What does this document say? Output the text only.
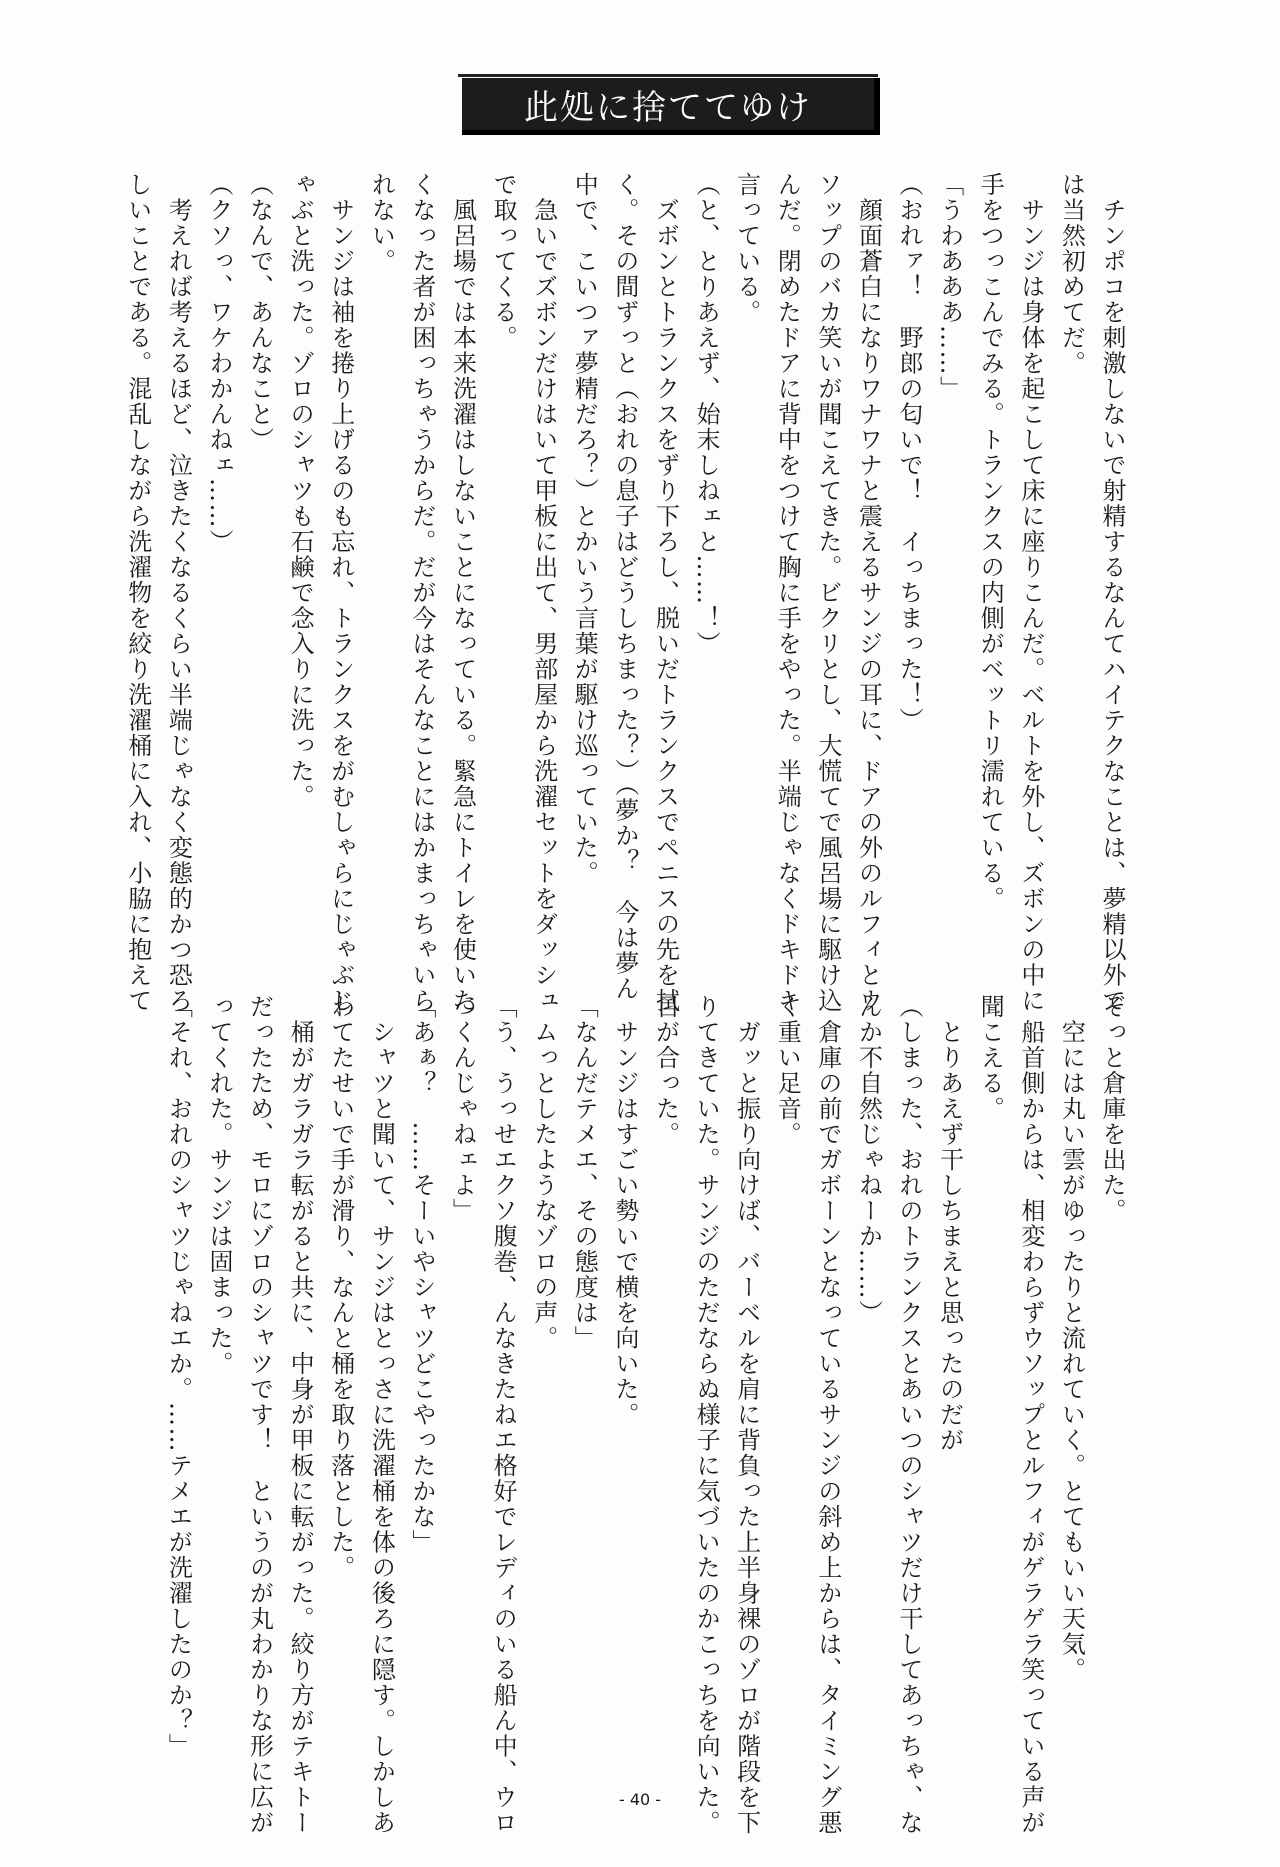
此処に捨ててゆけ
　チンポコを刺激しないで射精するなんてハイテクなことは、夢精以外で
は当然初めてだ。
　サンジは身体を起こして床に座りこんだ。ベルトを外し、ズボンの中に
手をつっこんでみる。トランクスの内側がベットリ濡れている。
「うわあああ……」
（おれァ！　野郎の匂いで！　イっちまった！）
　顔面蒼白になりワナワナと震えるサンジの耳に、ドアの外のルフィとウ
ソップのバカ笑いが聞こえてきた。ビクリとし、大慌てで風呂場に駆け込
んだ。閉めたドアに背中をつけて胸に手をやった。半端じゃなくドキドキ
言っている。
（と、とりあえず、始末しねェと……！）
　ズボンとトランクスをずり下ろし、脱いだトランクスでペニスの先を拭
く。その間ずっと（おれの息子はどうしちまった？）（夢か？　今は夢ん
中で、こいつァ夢精だろ？）とかいう言葉が駆け巡っていた。
　急いでズボンだけはいて甲板に出て、男部屋から洗濯セットをダッシュ
で取ってくる。
　風呂場では本来洗濯はしないことになっている。緊急にトイレを使いた
くなった者が困っちゃうからだ。だが今はそんなことにはかまっちゃいら
れない。
　サンジは袖を捲り上げるのも忘れ、トランクスをがむしゃらにじゃぶじ
ゃぶと洗った。ゾロのシャツも石鹸で念入りに洗った。
（なんで、あんなこと）
（クソっ、ワケわかんねェ……）
　考えれば考えるほど、泣きたくなるくらい半端じゃなく変態的かつ恐ろ
しいことである。混乱しながら洗濯物を絞り洗濯桶に入れ、小脇に抱えて
そっと倉庫を出た。
　空には丸い雲がゆったりと流れていく。とてもいい天気。
　船首側からは、相変わらずウソップとルフィがゲラゲラ笑っている声が
聞こえる。
　とりあえず干しちまえと思ったのだが
（しまった、おれのトランクスとあいつのシャツだけ干してあっちゃ、な
んか不自然じゃねーか……）
　倉庫の前でガボーンとなっているサンジの斜め上からは、タイミング悪
く重い足音。
　ガッと振り向けば、バーベルを肩に背負った上半身裸のゾロが階段を下
りてきていた。サンジのただならぬ様子に気づいたのかこっちを向いた。
目が合った。
　サンジはすごい勢いで横を向いた。
「なんだテメエ、その態度は」
　ムっとしたようなゾロの声。
「う、うっせエクソ腹巻、んなきたねエ格好でレディのいる船ん中、ウロ
つくんじゃねェよ」
「あぁ？　……そーいやシャツどこやったかな」
　シャツと聞いて、サンジはとっさに洗濯桶を体の後ろに隠す。しかしあ
わてたせいで手が滑り、なんと桶を取り落とした。
　桶がガラガラ転がると共に、中身が甲板に転がった。絞り方がテキトー
だったため、モロにゾロのシャツです！　というのが丸わかりな形に広が
ってくれた。サンジは固まった。
「それ、おれのシャツじゃねエか。……テメエが洗濯したのか？」
- 40 -
